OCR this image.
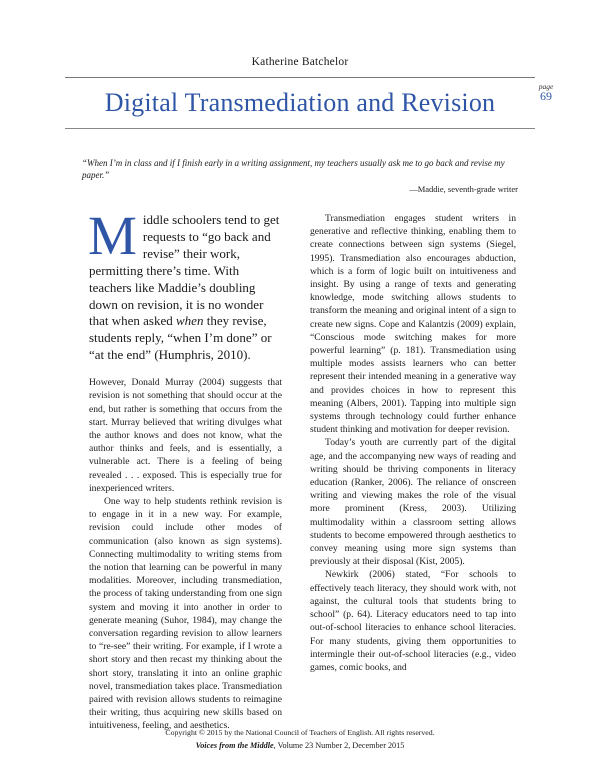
Katherine Batchelor
page
69
Digital Transmediation and Revision
“When I’m in class and if I finish early in a writing assignment, my teachers usually ask me to go back and revise my paper.”
—Maddie, seventh-grade writer

Middle schoolers tend to get requests to “go back and revise” their work, permitting there’s time. With teachers like Maddie’s doubling down on revision, it is no wonder that when asked when they revise, students reply, “when I’m done” or “at the end” (Humphris, 2010).

However, Donald Murray (2004) suggests that revision is not something that should occur at the end, but rather is something that occurs from the start. Murray believed that writing divulges what the author knows and does not know, what the author thinks and feels, and is essentially, a vulnerable act. There is a feeling of being revealed . . . exposed. This is especially true for inexperienced writers.

One way to help students rethink revision is to engage in it in a new way. For example, revision could include other modes of communication (also known as sign systems). Connecting multimodality to writing stems from the notion that learning can be powerful in many modalities. Moreover, including transmediation, the process of taking understanding from one sign system and moving it into another in order to generate meaning (Suhor, 1984), may change the conversation regarding revision to allow learners to “re-see” their writing. For example, if I wrote a short story and then recast my thinking about the short story, translating it into an online graphic novel, transmediation takes place. Transmediation paired with revision allows students to reimagine their writing, thus acquiring new skills based on intuitiveness, feeling, and aesthetics.

Transmediation engages student writers in generative and reflective thinking, enabling them to create connections between sign systems (Siegel, 1995). Transmediation also encourages abduction, which is a form of logic built on intuitiveness and insight. By using a range of texts and generating knowledge, mode switching allows students to transform the meaning and original intent of a sign to create new signs. Cope and Kalantzis (2009) explain, “Conscious mode switching makes for more powerful learning” (p. 181). Transmediation using multiple modes assists learners who can better represent their intended meaning in a generative way and provides choices in how to represent this meaning (Albers, 2001). Tapping into multiple sign systems through technology could further enhance student thinking and motivation for deeper revision.

Today’s youth are currently part of the digital age, and the accompanying new ways of reading and writing should be thriving components in literacy education (Ranker, 2006). The reliance of onscreen writing and viewing makes the role of the visual more prominent (Kress, 2003). Utilizing multimodality within a classroom setting allows students to become empowered through aesthetics to convey meaning using more sign systems than previously at their disposal (Kist, 2005).

Newkirk (2006) stated, “For schools to effectively teach literacy, they should work with, not against, the cultural tools that students bring to school” (p. 64). Literacy educators need to tap into out-of-school literacies to enhance school literacies. For many students, giving them opportunities to intermingle their out-of-school literacies (e.g., video games, comic books, and

Copyright © 2015 by the National Council of Teachers of English. All rights reserved.
Voices from the Middle, Volume 23 Number 2, December 2015
